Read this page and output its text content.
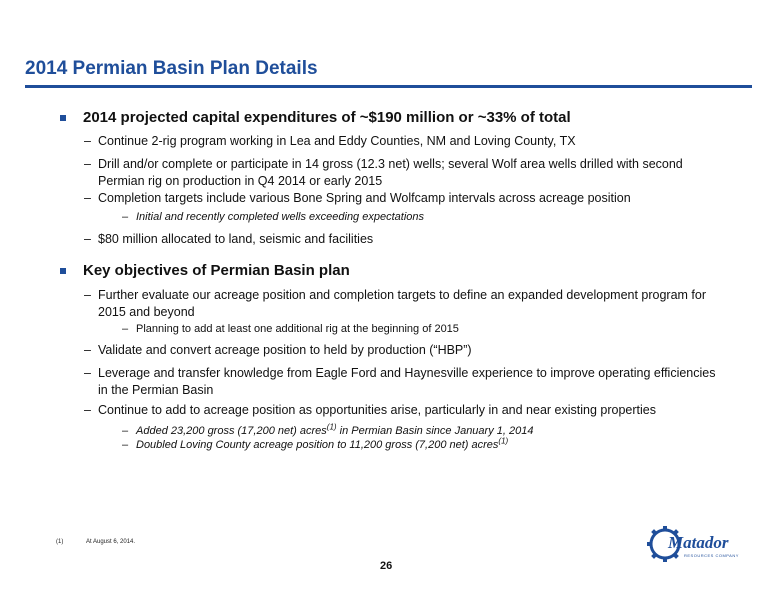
2014 Permian Basin Plan Details
2014 projected capital expenditures of ~$190 million or ~33% of total
– Continue 2-rig program working in Lea and Eddy Counties, NM and Loving County, TX
– Drill and/or complete or participate in 14 gross (12.3 net) wells; several Wolf area wells drilled with second Permian rig on production in Q4 2014 or early 2015
– Completion targets include various Bone Spring and Wolfcamp intervals across acreage position
– Initial and recently completed wells exceeding expectations
– $80 million allocated to land, seismic and facilities
Key objectives of Permian Basin plan
– Further evaluate our acreage position and completion targets to define an expanded development program for 2015 and beyond
– Planning to add at least one additional rig at the beginning of 2015
– Validate and convert acreage position to held by production (“HBP”)
– Leverage and transfer knowledge from Eagle Ford and Haynesville experience to improve operating efficiencies in the Permian Basin
– Continue to add to acreage position as opportunities arise, particularly in and near existing properties
– Added 23,200 gross (17,200 net) acres$^{(1)}$ in Permian Basin since January 1, 2014
– Doubled Loving County acreage position to 11,200 gross (7,200 net) acres$^{(1)}$
(1)	At August 6, 2014.
26
Matador
RESOURCES COMPANY
